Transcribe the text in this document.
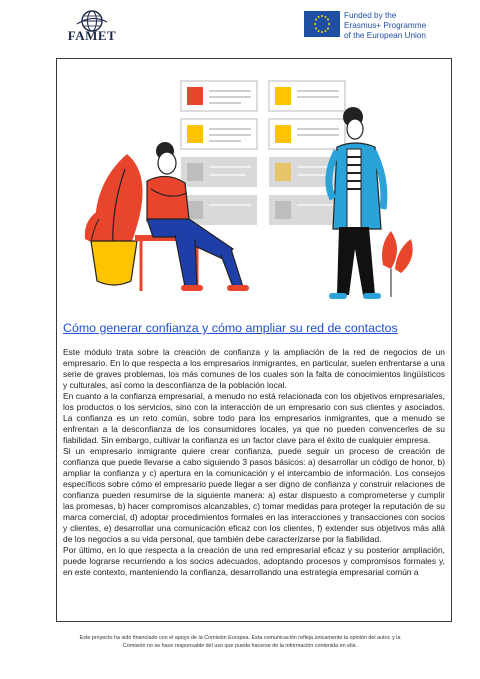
FAMET
Funded by the
Erasmus+ Programme
of the European Union
Cómo generar confianza y cómo ampliar su red de contactos

Este módulo trata sobre la creación de confianza y la ampliación de la red de negocios de un empresario. En lo que respecta a los empresarios inmigrantes, en particular, suelen enfrentarse a una serie de graves problemas, los más comunes de los cuales son la falta de conocimientos lingüísticos y culturales, así como la desconfianza de la población local.

En cuanto a la confianza empresarial, a menudo no está relacionada con los objetivos empresariales, los productos o los servicios, sino con la interacción de un empresario con sus clientes y asociados. La confianza es un reto común, sobre todo para los empresarios inmigrantes, que a menudo se enfrentan a la desconfianza de los consumidores locales, ya que no pueden convencerles de su fiabilidad. Sin embargo, cultivar la confianza es un factor clave para el éxito de cualquier empresa.

Si un empresario inmigrante quiere crear confianza, puede seguir un proceso de creación de confianza que puede llevarse a cabo siguiendo 3 pasos básicos: a) desarrollar un código de honor, b) ampliar la confianza y c) apertura en la comunicación y el intercambio de información. Los consejos específicos sobre cómo el empresario puede llegar a ser digno de confianza y construir relaciones de confianza pueden resumirse de la siguiente manera: a) estar dispuesto a comprometerse y cumplir las promesas, b) hacer compromisos alcanzables, c) tomar medidas para proteger la reputación de su marca comercial, d) adoptar procedimientos formales en las interacciones y transacciones con socios y clientes, e) desarrollar una comunicación eficaz con los clientes, f) extender sus objetivos más allá de los negocios a su vida personal, que también debe caracterizarse por la fiabilidad.

Por último, en lo que respecta a la creación de una red empresarial eficaz y su posterior ampliación, puede lograrse recurriendo a los socios adecuados, adoptando procesos y compromisos formales y, en este contexto, manteniendo la confianza, desarrollando una estrategia empresarial común a

Este proyecto ha sido financiado con el apoyo de la Comisión Europea. Esta comunicación refleja únicamente la opinión del autor, y la
Comisión no se hace responsable del uso que pueda hacerse de la información contenida en ella.
